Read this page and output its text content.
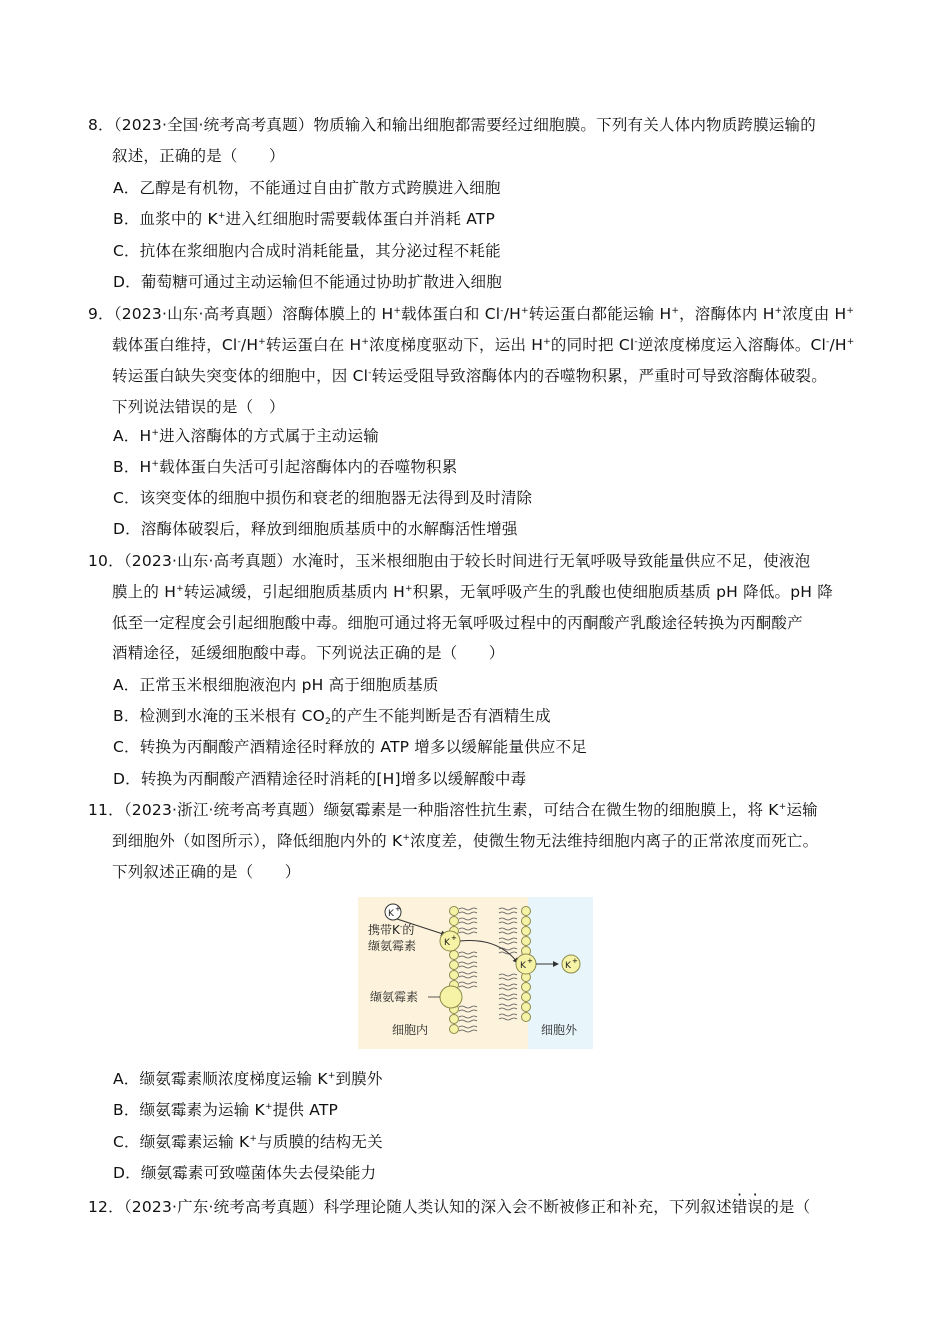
8．（2023·全国·统考高考真题）物质输入和输出细胞都需要经过细胞膜。下列有关人体内物质跨膜运输的
叙述，正确的是（　　）
A．乙醇是有机物，不能通过自由扩散方式跨膜进入细胞
B．血浆中的 K+进入红细胞时需要载体蛋白并消耗 ATP
C．抗体在浆细胞内合成时消耗能量，其分泌过程不耗能
D．葡萄糖可通过主动运输但不能通过协助扩散进入细胞
9．（2023·山东·高考真题）溶酶体膜上的 H+载体蛋白和 Cl-/H+转运蛋白都能运输 H+，溶酶体内 H+浓度由 H+
载体蛋白维持，Cl-/H+转运蛋白在 H+浓度梯度驱动下，运出 H+的同时把 Cl-逆浓度梯度运入溶酶体。Cl-/H+
转运蛋白缺失突变体的细胞中，因 Cl-转运受阻导致溶酶体内的吞噬物积累，严重时可导致溶酶体破裂。
下列说法错误的是（　）
A．H+进入溶酶体的方式属于主动运输
B．H+载体蛋白失活可引起溶酶体内的吞噬物积累
C．该突变体的细胞中损伤和衰老的细胞器无法得到及时清除
D．溶酶体破裂后，释放到细胞质基质中的水解酶活性增强
10．（2023·山东·高考真题）水淹时，玉米根细胞由于较长时间进行无氧呼吸导致能量供应不足，使液泡
膜上的 H+转运减缓，引起细胞质基质内 H+积累，无氧呼吸产生的乳酸也使细胞质基质 pH 降低。pH 降
低至一定程度会引起细胞酸中毒。细胞可通过将无氧呼吸过程中的丙酮酸产乳酸途径转换为丙酮酸产
酒精途径，延缓细胞酸中毒。下列说法正确的是（　　）
A．正常玉米根细胞液泡内 pH 高于细胞质基质
B．检测到水淹的玉米根有 $CO_2$的产生不能判断是否有酒精生成
C．转换为丙酮酸产酒精途径时释放的 ATP 增多以缓解能量供应不足
D．转换为丙酮酸产酒精途径时消耗的[H]增多以缓解酸中毒
11．（2023·浙江·统考高考真题）缬氨霉素是一种脂溶性抗生素，可结合在微生物的细胞膜上，将 K+运输
到细胞外（如图所示），降低细胞内外的 K+浓度差，使微生物无法维持细胞内离子的正常浓度而死亡。
下列叙述正确的是（　　）
K +
K +
K +	K +
携带K-的
缬氨霉素
缬氨霉素
细胞内	细胞外
A．缬氨霉素顺浓度梯度运输 K+到膜外
B．缬氨霉素为运输 K+提供 ATP
C．缬氨霉素运输 K+与质膜的结构无关
D．缬氨霉素可致噬菌体失去侵染能力
12．（2023·广东·统考高考真题）科学理论随人类认知的深入会不断被修正和补充，下列叙述错误的是（
